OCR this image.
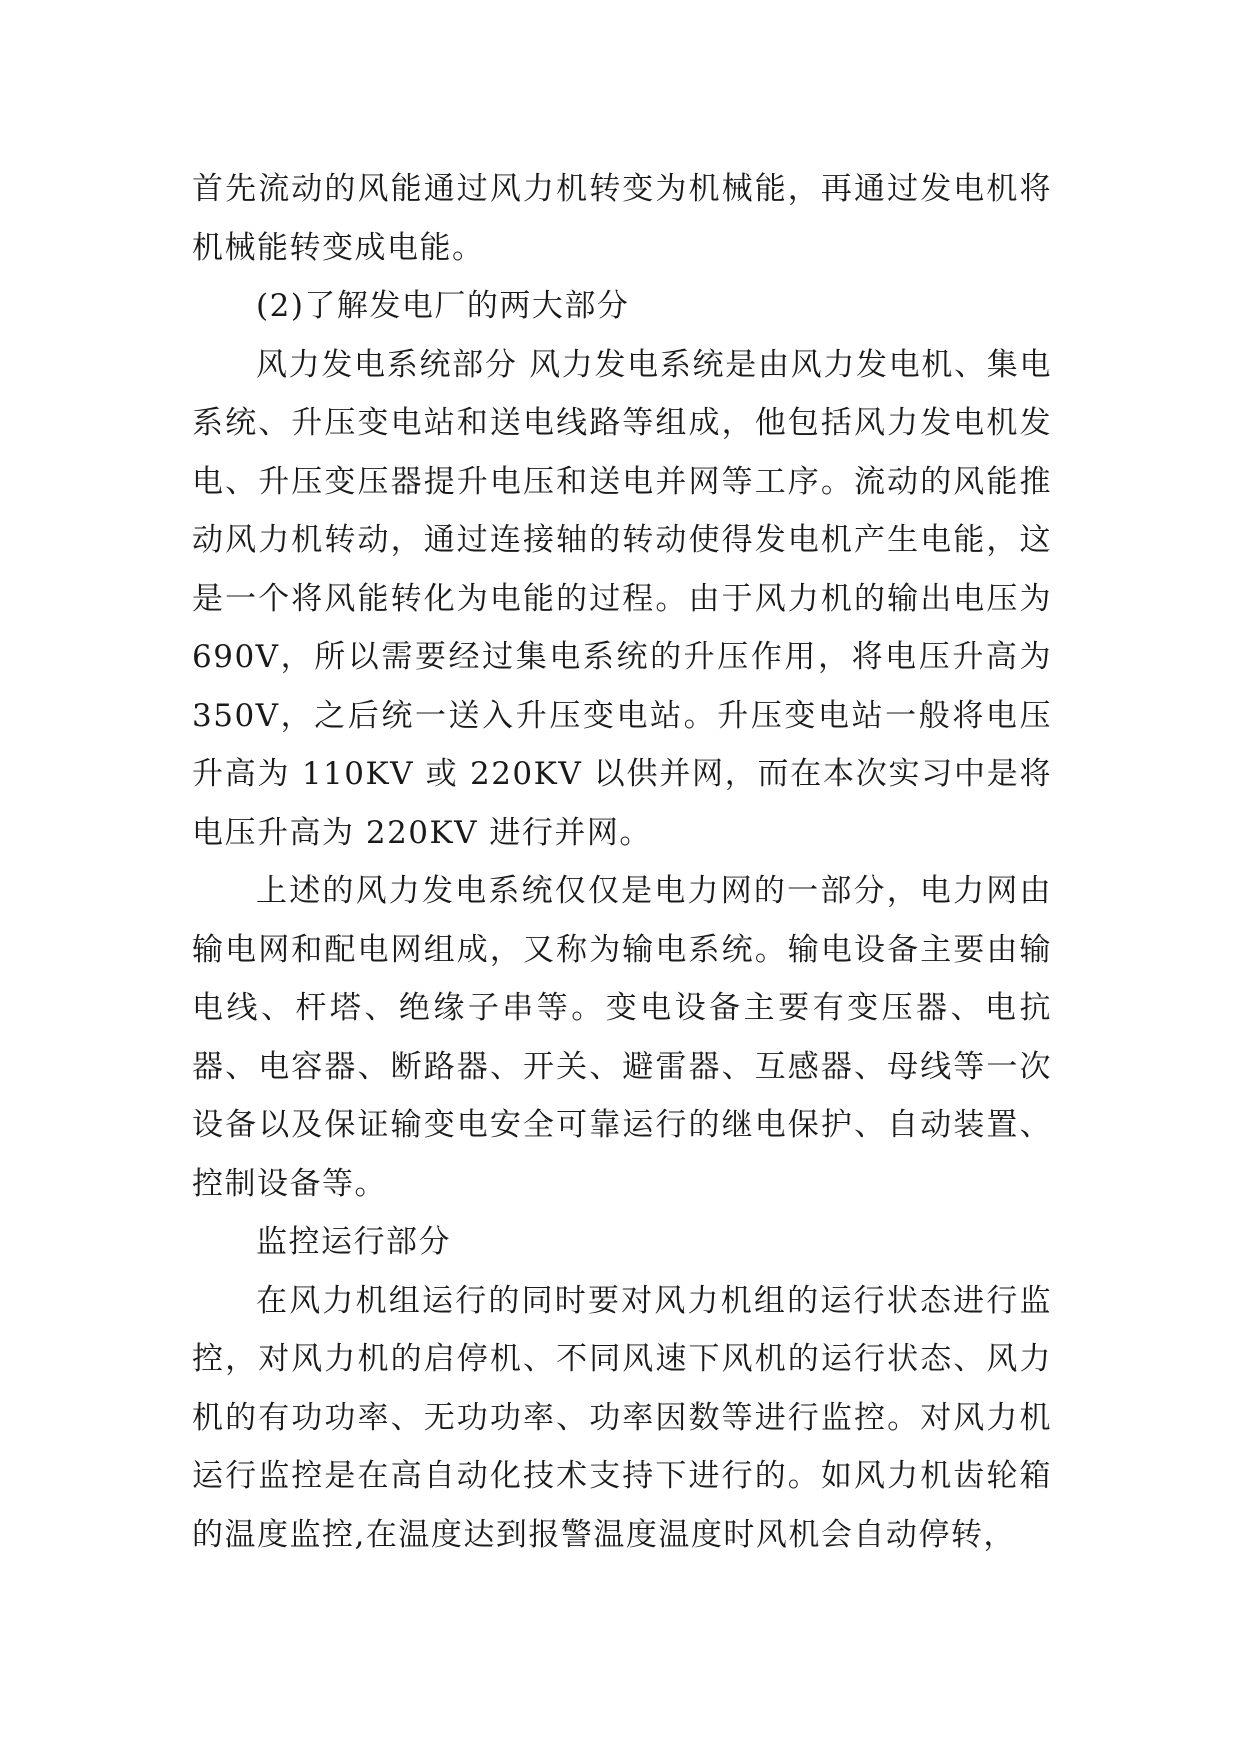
首先流动的风能通过风力机转变为机械能，再通过发电机将机械能转变成电能。

(2)了解发电厂的两大部分

风力发电系统部分 风力发电系统是由风力发电机、集电系统、升压变电站和送电线路等组成，他包括风力发电机发电、升压变压器提升电压和送电并网等工序。流动的风能推动风力机转动，通过连接轴的转动使得发电机产生电能，这是一个将风能转化为电能的过程。由于风力机的输出电压为 690V，所以需要经过集电系统的升压作用，将电压升高为 350V，之后统一送入升压变电站。升压变电站一般将电压升高为 110KV 或 220KV 以供并网，而在本次实习中是将电压升高为 220KV 进行并网。

上述的风力发电系统仅仅是电力网的一部分，电力网由输电网和配电网组成，又称为输电系统。输电设备主要由输电线、杆塔、绝缘子串等。变电设备主要有变压器、电抗器、电容器、断路器、开关、避雷器、互感器、母线等一次设备以及保证输变电安全可靠运行的继电保护、自动装置、控制设备等。

监控运行部分

在风力机组运行的同时要对风力机组的运行状态进行监控，对风力机的启停机、不同风速下风机的运行状态、风力机的有功功率、无功功率、功率因数等进行监控。对风力机运行监控是在高自动化技术支持下进行的。如风力机齿轮箱的温度监控,在温度达到报警温度温度时风机会自动停转，
